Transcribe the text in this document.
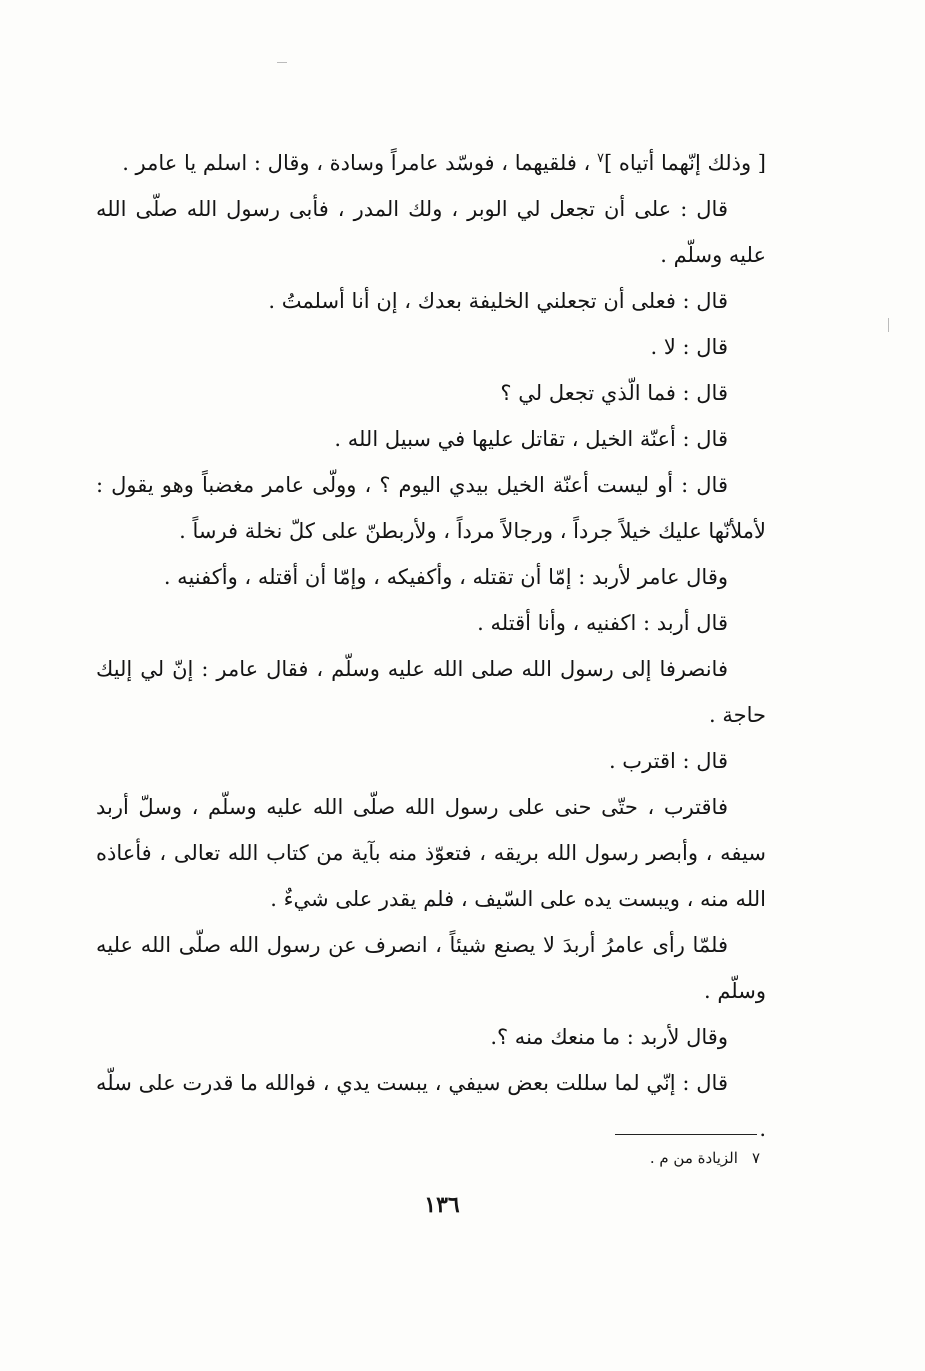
[ وذلك إنّهما أتياه ]$^٧$ ، فلقيهما ، فوسّد عامراً وسادة ، وقال : اسلم يا عامر .

قال : على أن تجعل لي الوبر ، ولك المدر ، فأبى رسول الله صلّى الله عليه وسلّم .

قال : فعلى أن تجعلني الخليفة بعدك ، إن أنا أسلمتُ .

قال : لا .

قال : فما الّذي تجعل لي ؟

قال : أعنّة الخيل ، تقاتل عليها في سبيل الله .

قال : أو ليست أعنّة الخيل بيدي اليوم ؟ ، وولّى عامر مغضباً وهو يقول : لأملأنّها عليك خيلاً جرداً ، ورجالاً مرداً ، ولأربطنّ على كلّ نخلة فرساً .

وقال عامر لأربد : إمّا أن تقتله ، وأكفيكه ، وإمّا أن أقتله ، وأكفنيه .

قال أربد : اكفنيه ، وأنا أقتله .

فانصرفا إلى رسول الله صلى الله عليه وسلّم ، فقال عامر : إنّ لي إليك حاجة .

قال : اقترب .

فاقترب ، حتّى حنى على رسول الله صلّى الله عليه وسلّم ، وسلّ أربد سيفه ، وأبصر رسول الله بريقه ، فتعوّذ منه بآية من كتاب الله تعالى ، فأعاذه الله منه ، ويبست يده على السّيف ، فلم يقدر على شيءٌ .

فلمّا رأى عامرُ أربدَ لا يصنع شيئاً ، انصرف عن رسول الله صلّى الله عليه وسلّم .

وقال لأربد : ما منعك منه ؟.

قال : إنّي لما سللت بعض سيفي ، يبست يدي ، فوالله ما قدرت على سلّه .

٧الزيادة من م .
١٣٦
